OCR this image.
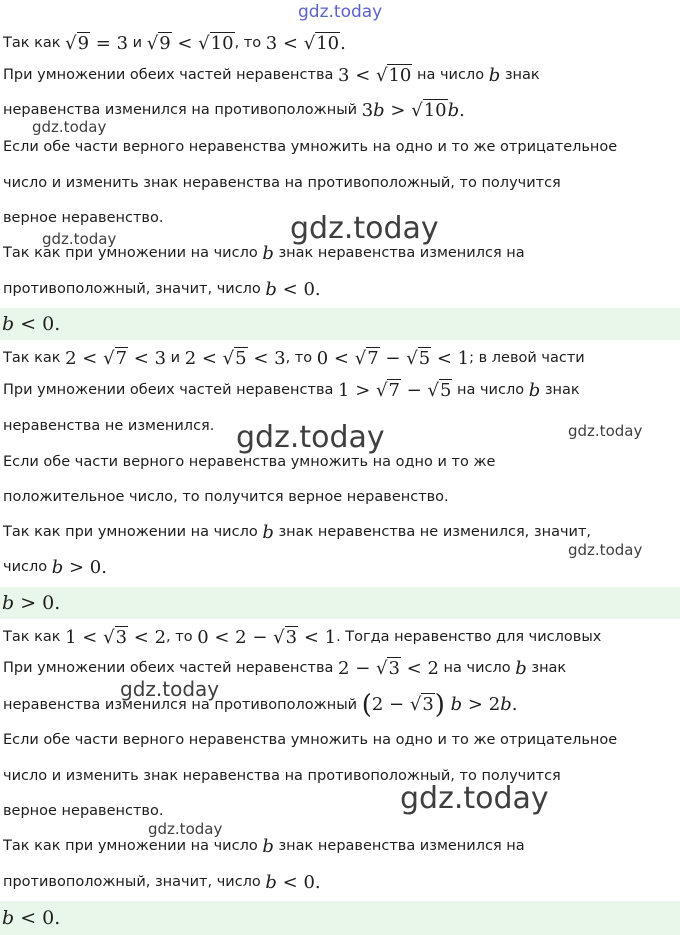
gdz.today
gdz.today
gdz.today
gdz.today
gdz.today	gdz.today
gdz.today
gdz.today
gdz.today
gdz.today
Так как √9 = 3 и √9 < √10 , то 3 < √10.
При умножении обеих частей неравенства 3 < √10 на число b знак
неравенства изменился на противоположный 3b > √10b.
Если обе части верного неравенства умножить на одно и то же отрицательное
число и изменить знак неравенства на противоположный, то получится
верное неравенство.
Так как при умножении на число b знак неравенства изменился на
противоположный, значит, число b < 0.
b < 0.
Так как 2 < √7 < 3 и 2 < √5 < 3 , то 0 < √7 − √5 < 1 ; в левой части
При умножении обеих частей неравенства 1 > √7 − √5 на число b знак
неравенства не изменился.
Если обе части верного неравенства умножить на одно и то же
положительное число, то получится верное неравенство.
Так как при умножении на число b знак неравенства не изменился, значит,
число b > 0.
b > 0.
Так как 1 < √3 < 2 , то 0 < 2 − √3 < 1 . Тогда неравенство для числовых
При умножении обеих частей неравенства 2 − √3 < 2 на число b знак
неравенства изменился на противоположный (2 − √3) b > 2b.
Если обе части верного неравенства умножить на одно и то же отрицательное
число и изменить знак неравенства на противоположный, то получится
верное неравенство.
Так как при умножении на число b знак неравенства изменился на
противоположный, значит, число b < 0.
b < 0.
